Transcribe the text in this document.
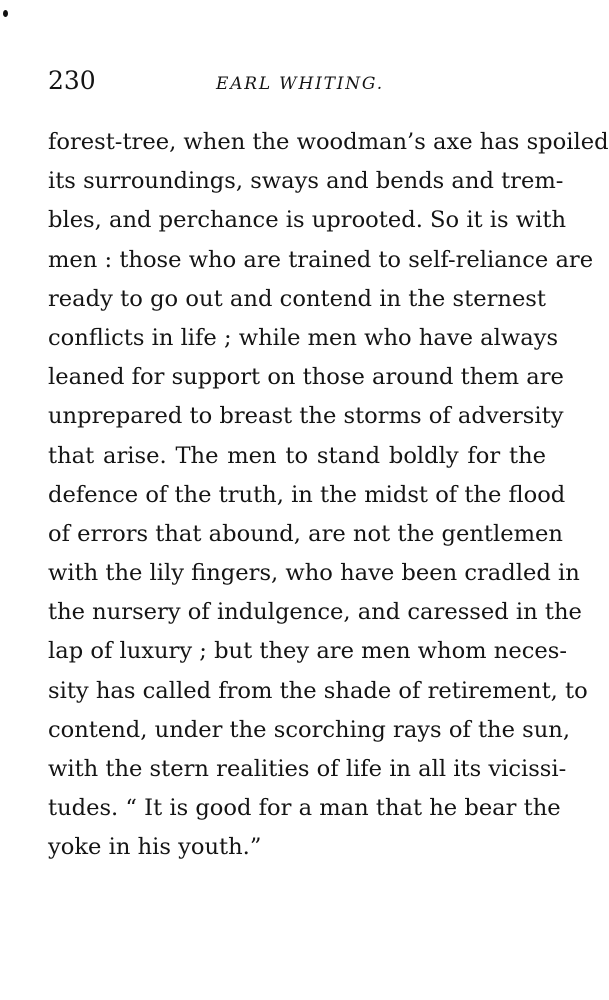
230	EARL WHITING.
forest-tree, when the woodman’s axe has spoiled
its surroundings, sways and bends and trem-
bles, and perchance is uprooted. So it is with
men : those who are trained to self-reliance are
ready to go out and contend in the sternest
conflicts in life ; while men who have always
leaned for support on those around them are
unprepared to breast the storms of adversity
that arise. The men to stand boldly for the
defence of the truth, in the midst of the flood
of errors that abound, are not the gentlemen
with the lily fingers, who have been cradled in
the nursery of indulgence, and caressed in the
lap of luxury ; but they are men whom neces-
sity has called from the shade of retirement, to
contend, under the scorching rays of the sun,
with the stern realities of life in all its vicissi-
tudes. “ It is good for a man that he bear the
yoke in his youth.”
